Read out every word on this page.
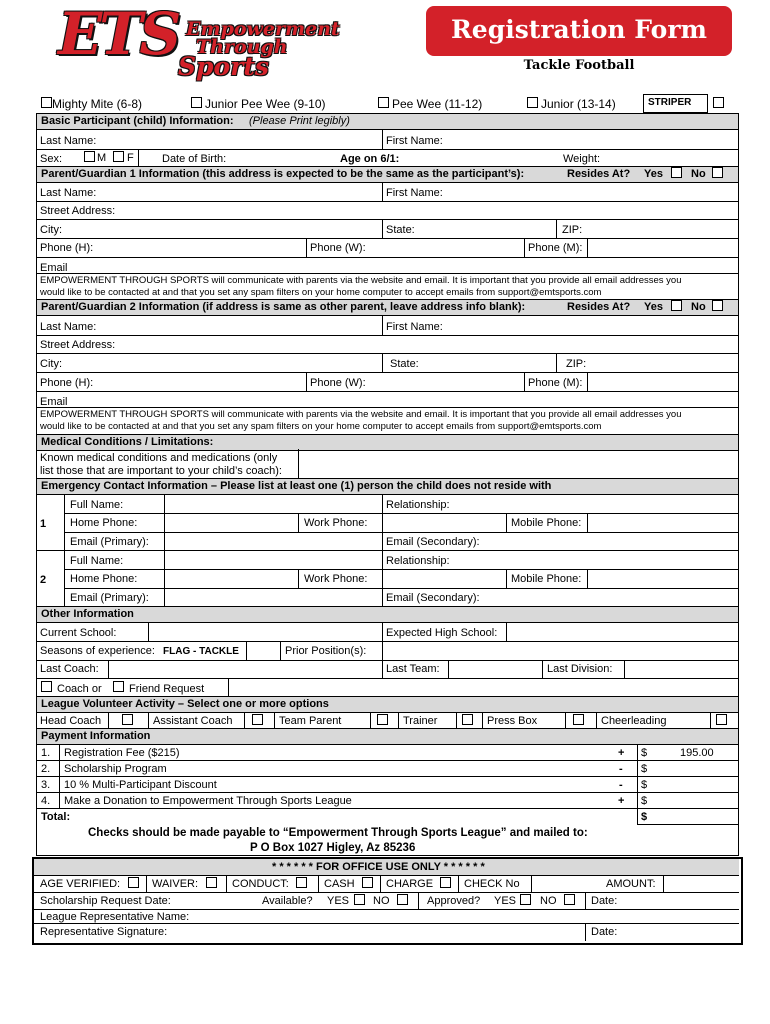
ETS Empowerment
Through
Sports
Registration Form
Tackle Football
Mighty Mite (6-8)	Junior Pee Wee (9-10)	Pee Wee (11-12)	Junior (13-14)	STRIPER
Basic Participant (child) Information: (Please Print legibly)
Last Name:	First Name:
Sex:	M F	Date of Birth:	Age on 6/1:	Weight:
Parent/Guardian 1 Information (this address is expected to be the same as the participant’s):	Resides At? Yes	No
Last Name:	First Name:
Street Address:
City:	State:	ZIP:
Phone (H):	Phone (W):	Phone (M):
Email
EMPOWERMENT THROUGH SPORTS will communicate with parents via the website and email. It is important that you provide all email addresses you
would like to be contacted at and that you set any spam filters on your home computer to accept emails from support@emtsports.com
Parent/Guardian 2 Information (if address is same as other parent, leave address info blank):	Resides At? Yes	No
Last Name:	First Name:
Street Address:
City:	State:	ZIP:
Phone (H):	Phone (W):	Phone (M):
Email
EMPOWERMENT THROUGH SPORTS will communicate with parents via the website and email. It is important that you provide all email addresses you
would like to be contacted at and that you set any spam filters on your home computer to accept emails from support@emtsports.com
Medical Conditions / Limitations:
Known medical conditions and medications (only
list those that are important to your child’s coach):
Emergency Contact Information – Please list at least one (1) person the child does not reside with
1
Full Name:	Relationship:
Home Phone:	Work Phone:	Mobile Phone:
Email (Primary):	Email (Secondary):
2
Full Name:	Relationship:
Home Phone:	Work Phone:	Mobile Phone:
Email (Primary):	Email (Secondary):
Other Information
Current School:	Expected High School:
Seasons of experience: FLAG - TACKLE	Prior Position(s):
Last Coach:	Last Team:	Last Division:
Coach or Friend Request
League Volunteer Activity – Select one or more options
Head Coach	Assistant Coach	Team Parent	Trainer	Press Box	Cheerleading
Payment Information
1. Registration Fee ($215)	+ $	195.00
2. Scholarship Program	- $
3. 10 % Multi-Participant Discount	- $
4. Make a Donation to Empowerment Through Sports League	+ $
Total:	$
Checks should be made payable to “Empowerment Through Sports League” and mailed to:
P O Box 1027 Higley, Az 85236
* * * * * * FOR OFFICE USE ONLY * * * * * *
AGE VERIFIED:	WAIVER:	CONDUCT:	CASH	CHARGE	CHECK No	AMOUNT:
Scholarship Request Date:	Available? YES NO	Approved? YES NO	Date:
League Representative Name:
Representative Signature:	Date:
